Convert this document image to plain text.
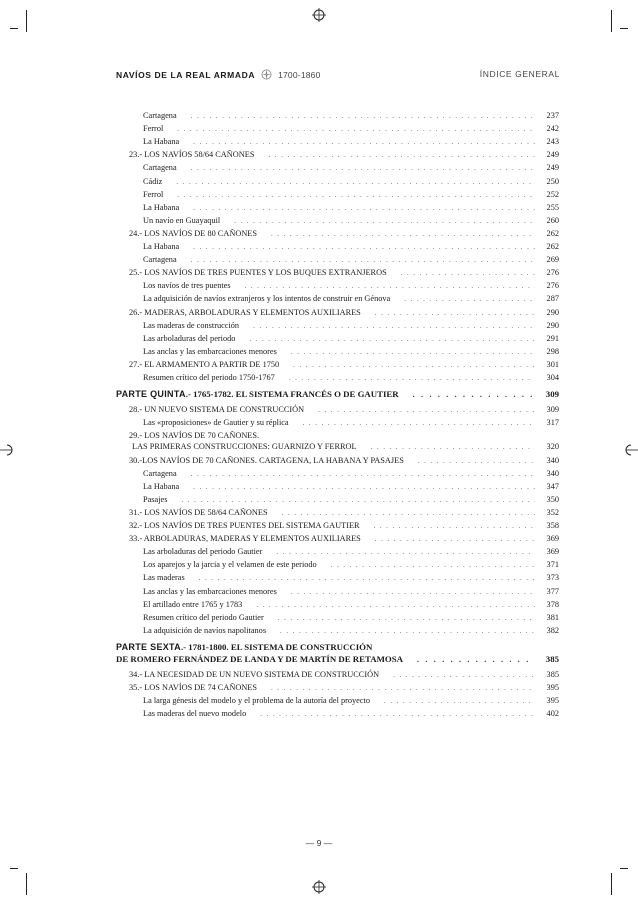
NAVÍOS DE LA REAL ARMADA	1700-1860	ÍNDICE GENERAL
Cartagena . . .	237
Ferrol . . .	242
La Habana . . .	243
23.- LOS NAVÍOS 58/64 CAÑONES . . .	249
Cartagena . . .	249
Cádiz . . .	250
Ferrol . . .	252
La Habana . . .	255
Un navío en Guayaquil . . .	260
24.- LOS NAVÍOS DE 80 CAÑONES . . .	262
La Habana . . .	262
Cartagena . . .	269
25.- LOS NAVÍOS DE TRES PUENTES Y LOS BUQUES EXTRANJEROS . . .	276
Los navíos de tres puentes . . .	276
La adquisición de navíos extranjeros y los intentos de construir en Génova . . .	287
26.- MADERAS, ARBOLADURAS Y ELEMENTOS AUXILIARES . . .	290
Las maderas de construcción . . .	290
Las arboladuras del periodo . . .	291
Las anclas y las embarcaciones menores . . .	298
27.- EL ARMAMENTO A PARTIR DE 1750 . . .	301
Resumen crítico del periodo 1750-1767 . . .	304
PARTE QUINTA.- 1765-1782. EL SISTEMA FRANCÉS O DE GAUTIER . . .	309
28.- UN NUEVO SISTEMA DE CONSTRUCCIÓN . . .	309
Las «proposiciones» de Gautier y su réplica . . .	317
29.- LOS NAVÍOS DE 70 CAÑONES.
LAS PRIMERAS CONSTRUCCIONES: GUARNIZO Y FERROL . . .	320
30.-LOS NAVÍOS DE 70 CAÑONES. CARTAGENA, LA HABANA Y PASAJES . . .	340
Cartagena . . .	340
La Habana . . .	347
Pasajes . . .	350
31.- LOS NAVÍOS DE 58/64 CAÑONES . . .	352
32.- LOS NAVÍOS DE TRES PUENTES DEL SISTEMA GAUTIER . . .	358
33.- ARBOLADURAS, MADERAS Y ELEMENTOS AUXILIARES . . .	369
Las arboladuras del periodo Gautier . . .	369
Los aparejos y la jarcia y el velamen de este periodo . . .	371
Las maderas . . .	373
Las anclas y las embarcaciones menores . . .	377
El artillado entre 1765 y 1783 . . .	378
Resumen crítico del periodo Gautier . . .	381
La adquisición de navíos napolitanos . . .	382
PARTE SEXTA.- 1781-1800. EL SISTEMA DE CONSTRUCCIÓN
DE ROMERO FERNÁNDEZ DE LANDA Y DE MARTÍN DE RETAMOSA . . .	385
34.- LA NECESIDAD DE UN NUEVO SISTEMA DE CONSTRUCCIÓN . . .	385
35.- LOS NAVÍOS DE 74 CAÑONES . . .	395
La larga génesis del modelo y el problema de la autoría del proyecto . . .	395
Las maderas del nuevo modelo . . .	402
— 9 —
